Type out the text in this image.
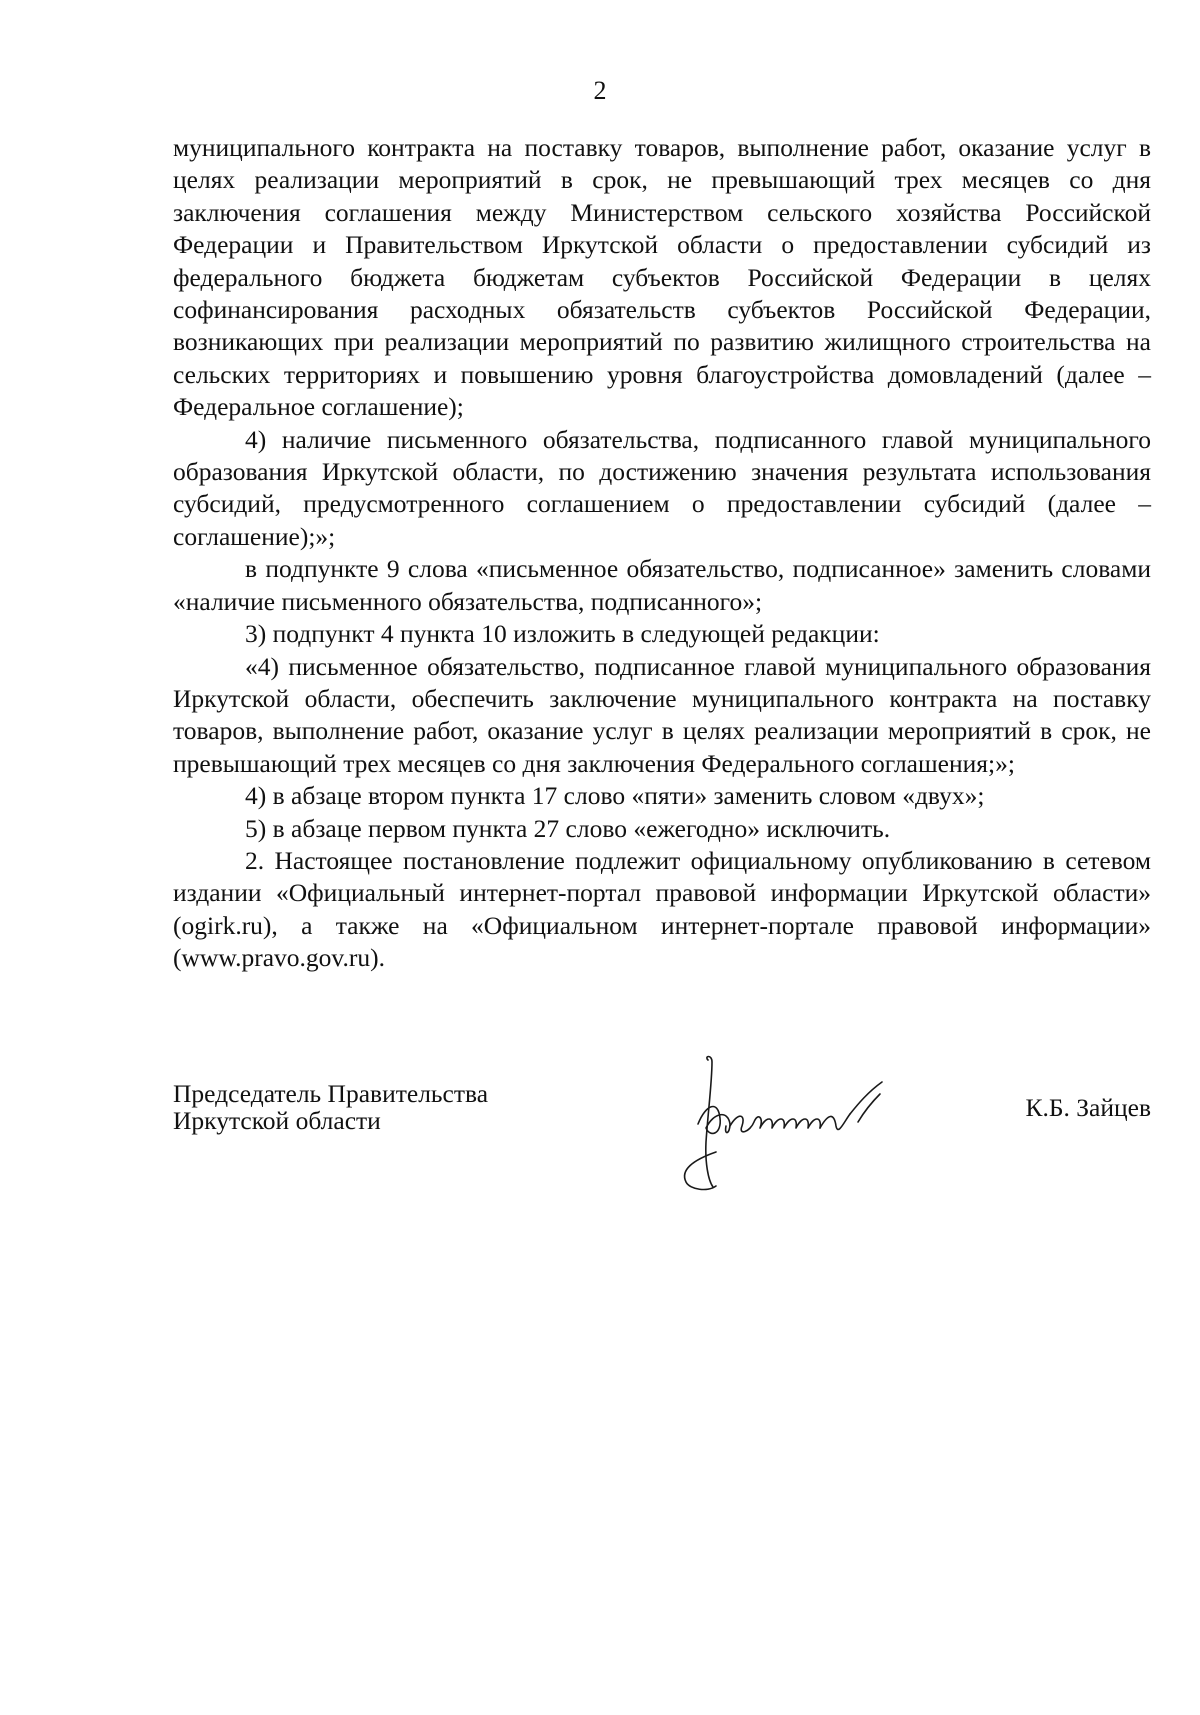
2

муниципального контракта на поставку товаров, выполнение работ, оказание услуг в целях реализации мероприятий в срок, не превышающий трех месяцев со дня заключения соглашения между Министерством сельского хозяйства Российской Федерации и Правительством Иркутской области о предоставлении субсидий из федерального бюджета бюджетам субъектов Российской Федерации в целях софинансирования расходных обязательств субъектов Российской Федерации, возникающих при реализации мероприятий по развитию жилищного строительства на сельских территориях и повышению уровня благоустройства домовладений (далее – Федеральное соглашение);

4) наличие письменного обязательства, подписанного главой муниципального образования Иркутской области, по достижению значения результата использования субсидий, предусмотренного соглашением о предоставлении субсидий (далее – соглашение);»;

в подпункте 9 слова «письменное обязательство, подписанное» заменить словами «наличие письменного обязательства, подписанного»;

3) подпункт 4 пункта 10 изложить в следующей редакции:

«4) письменное обязательство, подписанное главой муниципального образования Иркутской области, обеспечить заключение муниципального контракта на поставку товаров, выполнение работ, оказание услуг в целях реализации мероприятий в срок, не превышающий трех месяцев со дня заключения Федерального соглашения;»;

4) в абзаце втором пункта 17 слово «пяти» заменить словом «двух»;

5) в абзаце первом пункта 27 слово «ежегодно» исключить.

2. Настоящее постановление подлежит официальному опубликованию в сетевом издании «Официальный интернет-портал правовой информации Иркутской области» (ogirk.ru), а также на «Официальном интернет-портале правовой информации» (www.pravo.gov.ru).

Председатель Правительства
Иркутской области	К.Б. Зайцев
